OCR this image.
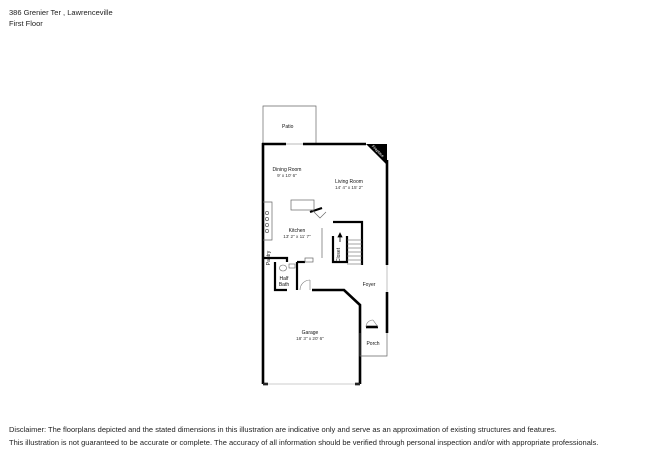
386 Grenier Ter , Lawrenceville
First Floor
Fireplace
Patio
Dining Room
9' x 10' 6"
Living Room
14' 4" x 15' 2"
Kitchen
13' 2" x 11' 7"
Pantry	Closet
Half
Bath	Foyer
Garage
18' 3" x 20' 6"
Porch
Disclaimer: The floorplans depicted and the stated dimensions in this illustration are indicative only and serve as an approximation of existing structures and features.
This illustration is not guaranteed to be accurate or complete. The accuracy of all information should be verified through personal inspection and/or with appropriate professionals.
